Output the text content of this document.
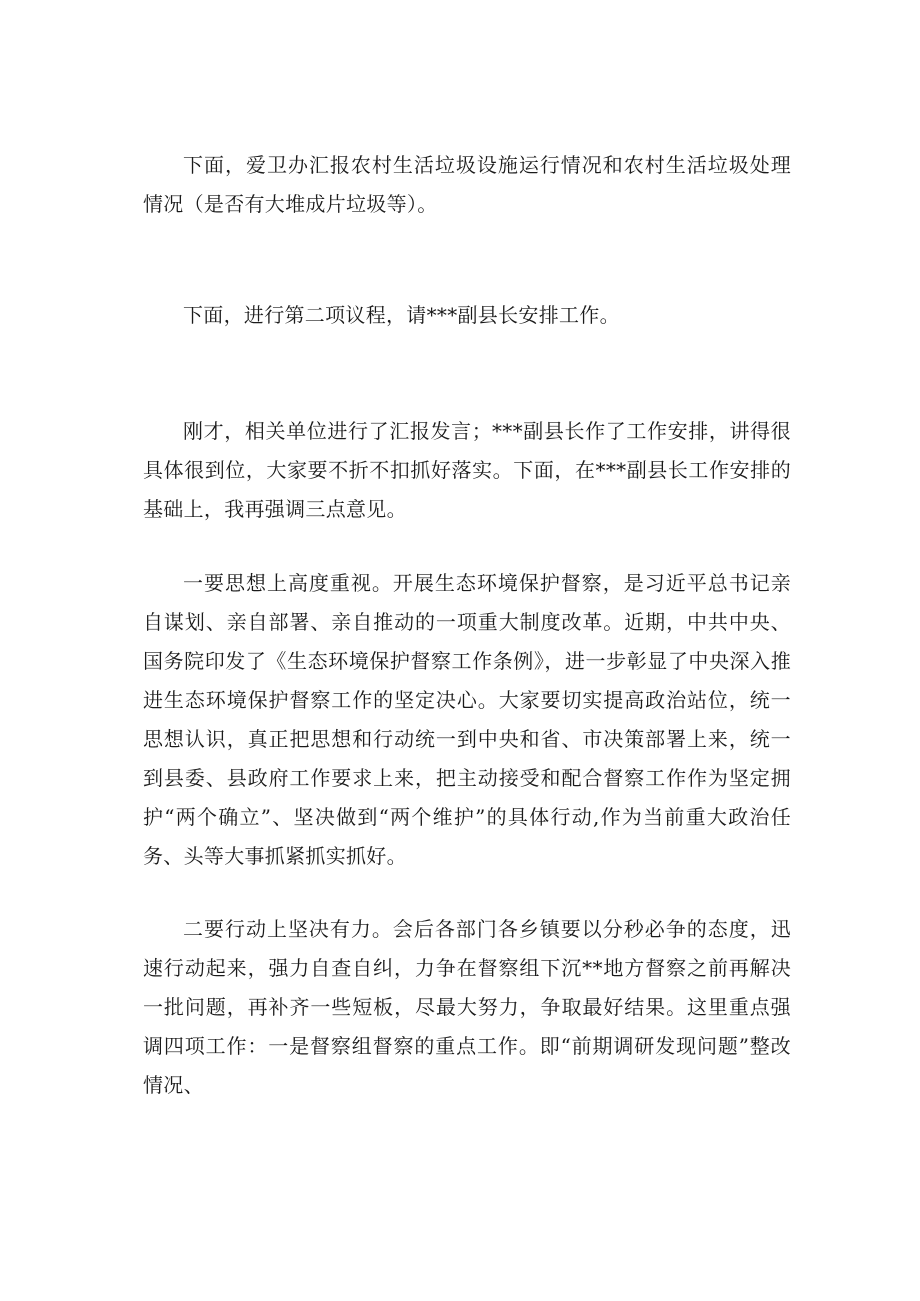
下面，爱卫办汇报农村生活垃圾设施运行情况和农村生活垃圾处理情况（是否有大堆成片垃圾等）。

下面，进行第二项议程，请***副县长安排工作。

刚才，相关单位进行了汇报发言；***副县长作了工作安排，讲得很具体很到位，大家要不折不扣抓好落实。下面，在***副县长工作安排的基础上，我再强调三点意见。

一要思想上高度重视。开展生态环境保护督察，是习近平总书记亲自谋划、亲自部署、亲自推动的一项重大制度改革。近期，中共中央、国务院印发了《生态环境保护督察工作条例》，进一步彰显了中央深入推进生态环境保护督察工作的坚定决心。大家要切实提高政治站位，统一思想认识，真正把思想和行动统一到中央和省、市决策部署上来，统一到县委、县政府工作要求上来，把主动接受和配合督察工作作为坚定拥护“两个确立”、坚决做到“两个维护”的具体行动,作为当前重大政治任务、头等大事抓紧抓实抓好。

二要行动上坚决有力。会后各部门各乡镇要以分秒必争的态度，迅速行动起来，强力自查自纠，力争在督察组下沉**地方督察之前再解决一批问题，再补齐一些短板，尽最大努力，争取最好结果。这里重点强调四项工作：一是督察组督察的重点工作。即“前期调研发现问题”整改情况、
